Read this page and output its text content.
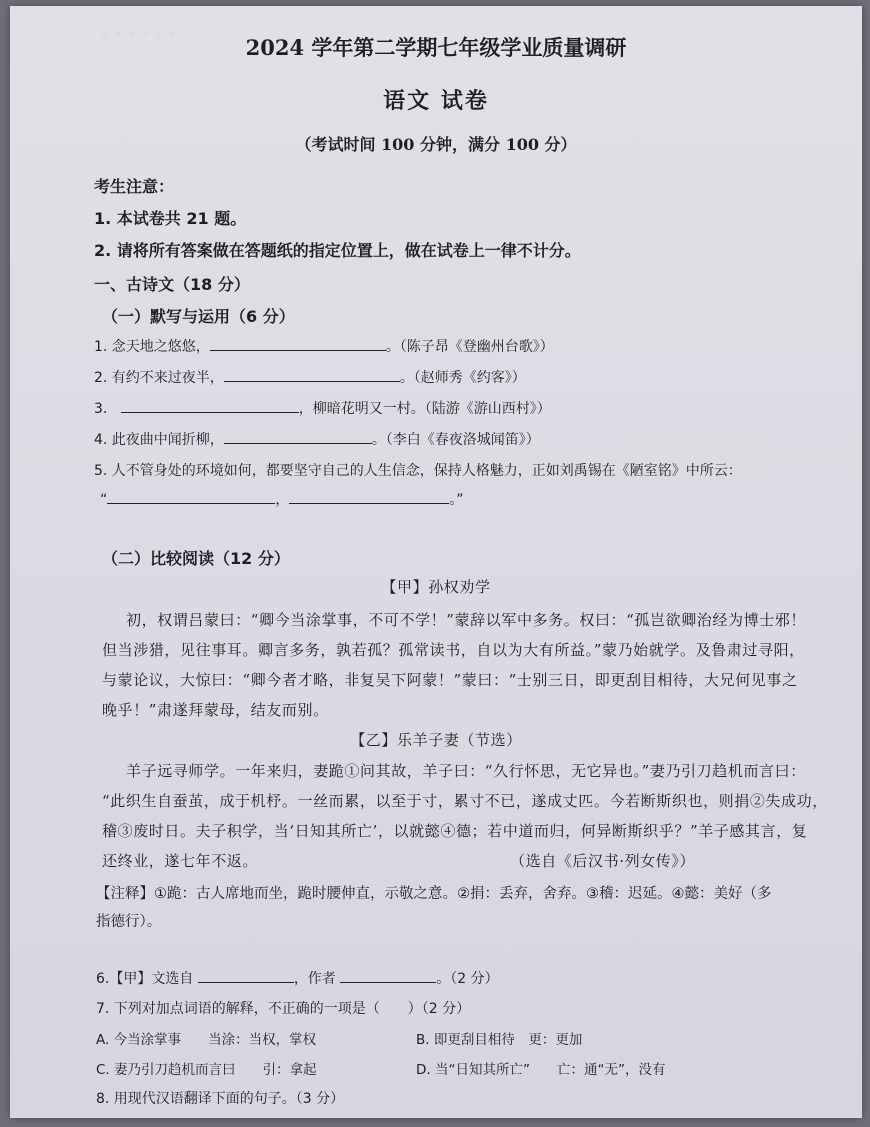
◦ ◦ ◦ ◦ ◦ ◦	2024 学年第二学期七年级学业质量调研
语文 试卷
（考试时间 100 分钟，满分 100 分）
考生注意：
1. 本试卷共 21 题。
2. 请将所有答案做在答题纸的指定位置上，做在试卷上一律不计分。
一、古诗文（18 分）
（一）默写与运用（6 分）
1. 念天地之悠悠，	。（陈子昂《登幽州台歌》）
2. 有约不来过夜半，	。（赵师秀《约客》）
3.	，柳暗花明又一村。（陆游《游山西村》）
4. 此夜曲中闻折柳，	。（李白《春夜洛城闻笛》）
5. 人不管身处的环境如何，都要坚守自己的人生信念，保持人格魅力，正如刘禹锡在《陋室铭》中所云：
“	，	。”
（二）比较阅读（12 分）
【甲】孙权劝学
初，权谓吕蒙曰：“卿今当涂掌事，不可不学！”蒙辞以军中多务。权曰：“孤岂欲卿治经为博士邪！
但当涉猎，见往事耳。卿言多务，孰若孤？孤常读书，自以为大有所益。”蒙乃始就学。及鲁肃过寻阳，
与蒙论议，大惊曰：“卿今者才略，非复吴下阿蒙！”蒙曰：“士别三日，即更刮目相待，大兄何见事之
晚乎！”肃遂拜蒙母，结友而别。
【乙】乐羊子妻（节选）
羊子远寻师学。一年来归，妻跪①问其故，羊子曰：“久行怀思，无它异也。”妻乃引刀趋机而言曰：
“此织生自蚕茧，成于机杼。一丝而累，以至于寸，累寸不已，遂成丈匹。今若断斯织也，则捐②失成功，
稽③废时日。夫子积学，当‘日知其所亡’，以就懿④德；若中道而归，何异断斯织乎？”羊子感其言，复
还终业，遂七年不返。	（选自《后汉书·列女传》）
【注释】①跪：古人席地而坐，跪时腰伸直，示敬之意。②捐：丢弃，舍弃。③稽：迟延。④懿：美好（多
指德行）。
6.【甲】文选自	，作者	。（2 分）
7. 下列对加点词语的解释，不正确的一项是（　　）（2 分）
A. 今当涂掌事　　当涂：当权，掌权	B. 即更刮目相待　更：更加
C. 妻乃引刀趋机而言曰　　引：拿起	D. 当“日知其所亡”　　亡：通“无”，没有
8. 用现代汉语翻译下面的句子。（3 分）
